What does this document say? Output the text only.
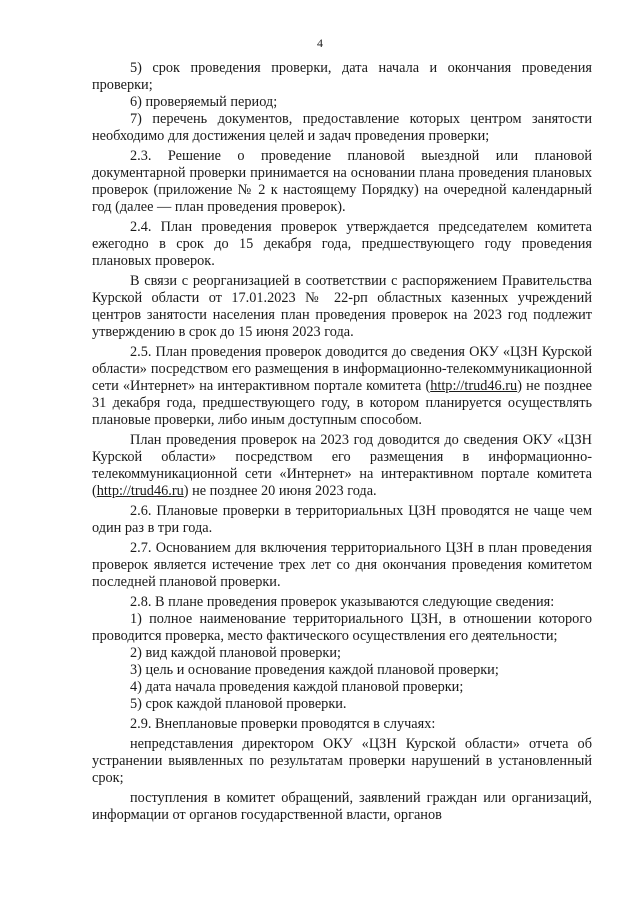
4

5) срок проведения проверки, дата начала и окончания проведения проверки;

6) проверяемый период;

7) перечень документов, предоставление которых центром занятости необходимо для достижения целей и задач проведения проверки;

2.3. Решение о проведение плановой выездной или плановой документарной проверки принимается на основании плана проведения плановых проверок (приложение № 2 к настоящему Порядку) на очередной календарный год (далее — план проведения проверок).

2.4. План проведения проверок утверждается председателем комитета ежегодно в срок до 15 декабря года, предшествующего году проведения плановых проверок.

В связи с реорганизацией в соответствии с распоряжением Правительства Курской области от 17.01.2023 № 22-рп областных казенных учреждений центров занятости населения план проведения проверок на 2023 год подлежит утверждению в срок до 15 июня 2023 года.

2.5. План проведения проверок доводится до сведения ОКУ «ЦЗН Курской области» посредством его размещения в информационно-телекоммуникационной сети «Интернет» на интерактивном портале комитета (http://trud46.ru) не позднее 31 декабря года, предшествующего году, в котором планируется осуществлять плановые проверки, либо иным доступным способом.

План проведения проверок на 2023 год доводится до сведения ОКУ «ЦЗН Курской области» посредством его размещения в информационно-телекоммуникационной сети «Интернет» на интерактивном портале комитета (http://trud46.ru) не позднее 20 июня 2023 года.

2.6. Плановые проверки в территориальных ЦЗН проводятся не чаще чем один раз в три года.

2.7. Основанием для включения территориального ЦЗН в план проведения проверок является истечение трех лет со дня окончания проведения комитетом последней плановой проверки.

2.8. В плане проведения проверок указываются следующие сведения:

1) полное наименование территориального ЦЗН, в отношении которого проводится проверка, место фактического осуществления его деятельности;

2) вид каждой плановой проверки;

3) цель и основание проведения каждой плановой проверки;

4) дата начала проведения каждой плановой проверки;

5) срок каждой плановой проверки.

2.9. Внеплановые проверки проводятся в случаях:

непредставления директором ОКУ «ЦЗН Курской области» отчета об устранении выявленных по результатам проверки нарушений в установленный срок;

поступления в комитет обращений, заявлений граждан или организаций, информации от органов государственной власти, органов
